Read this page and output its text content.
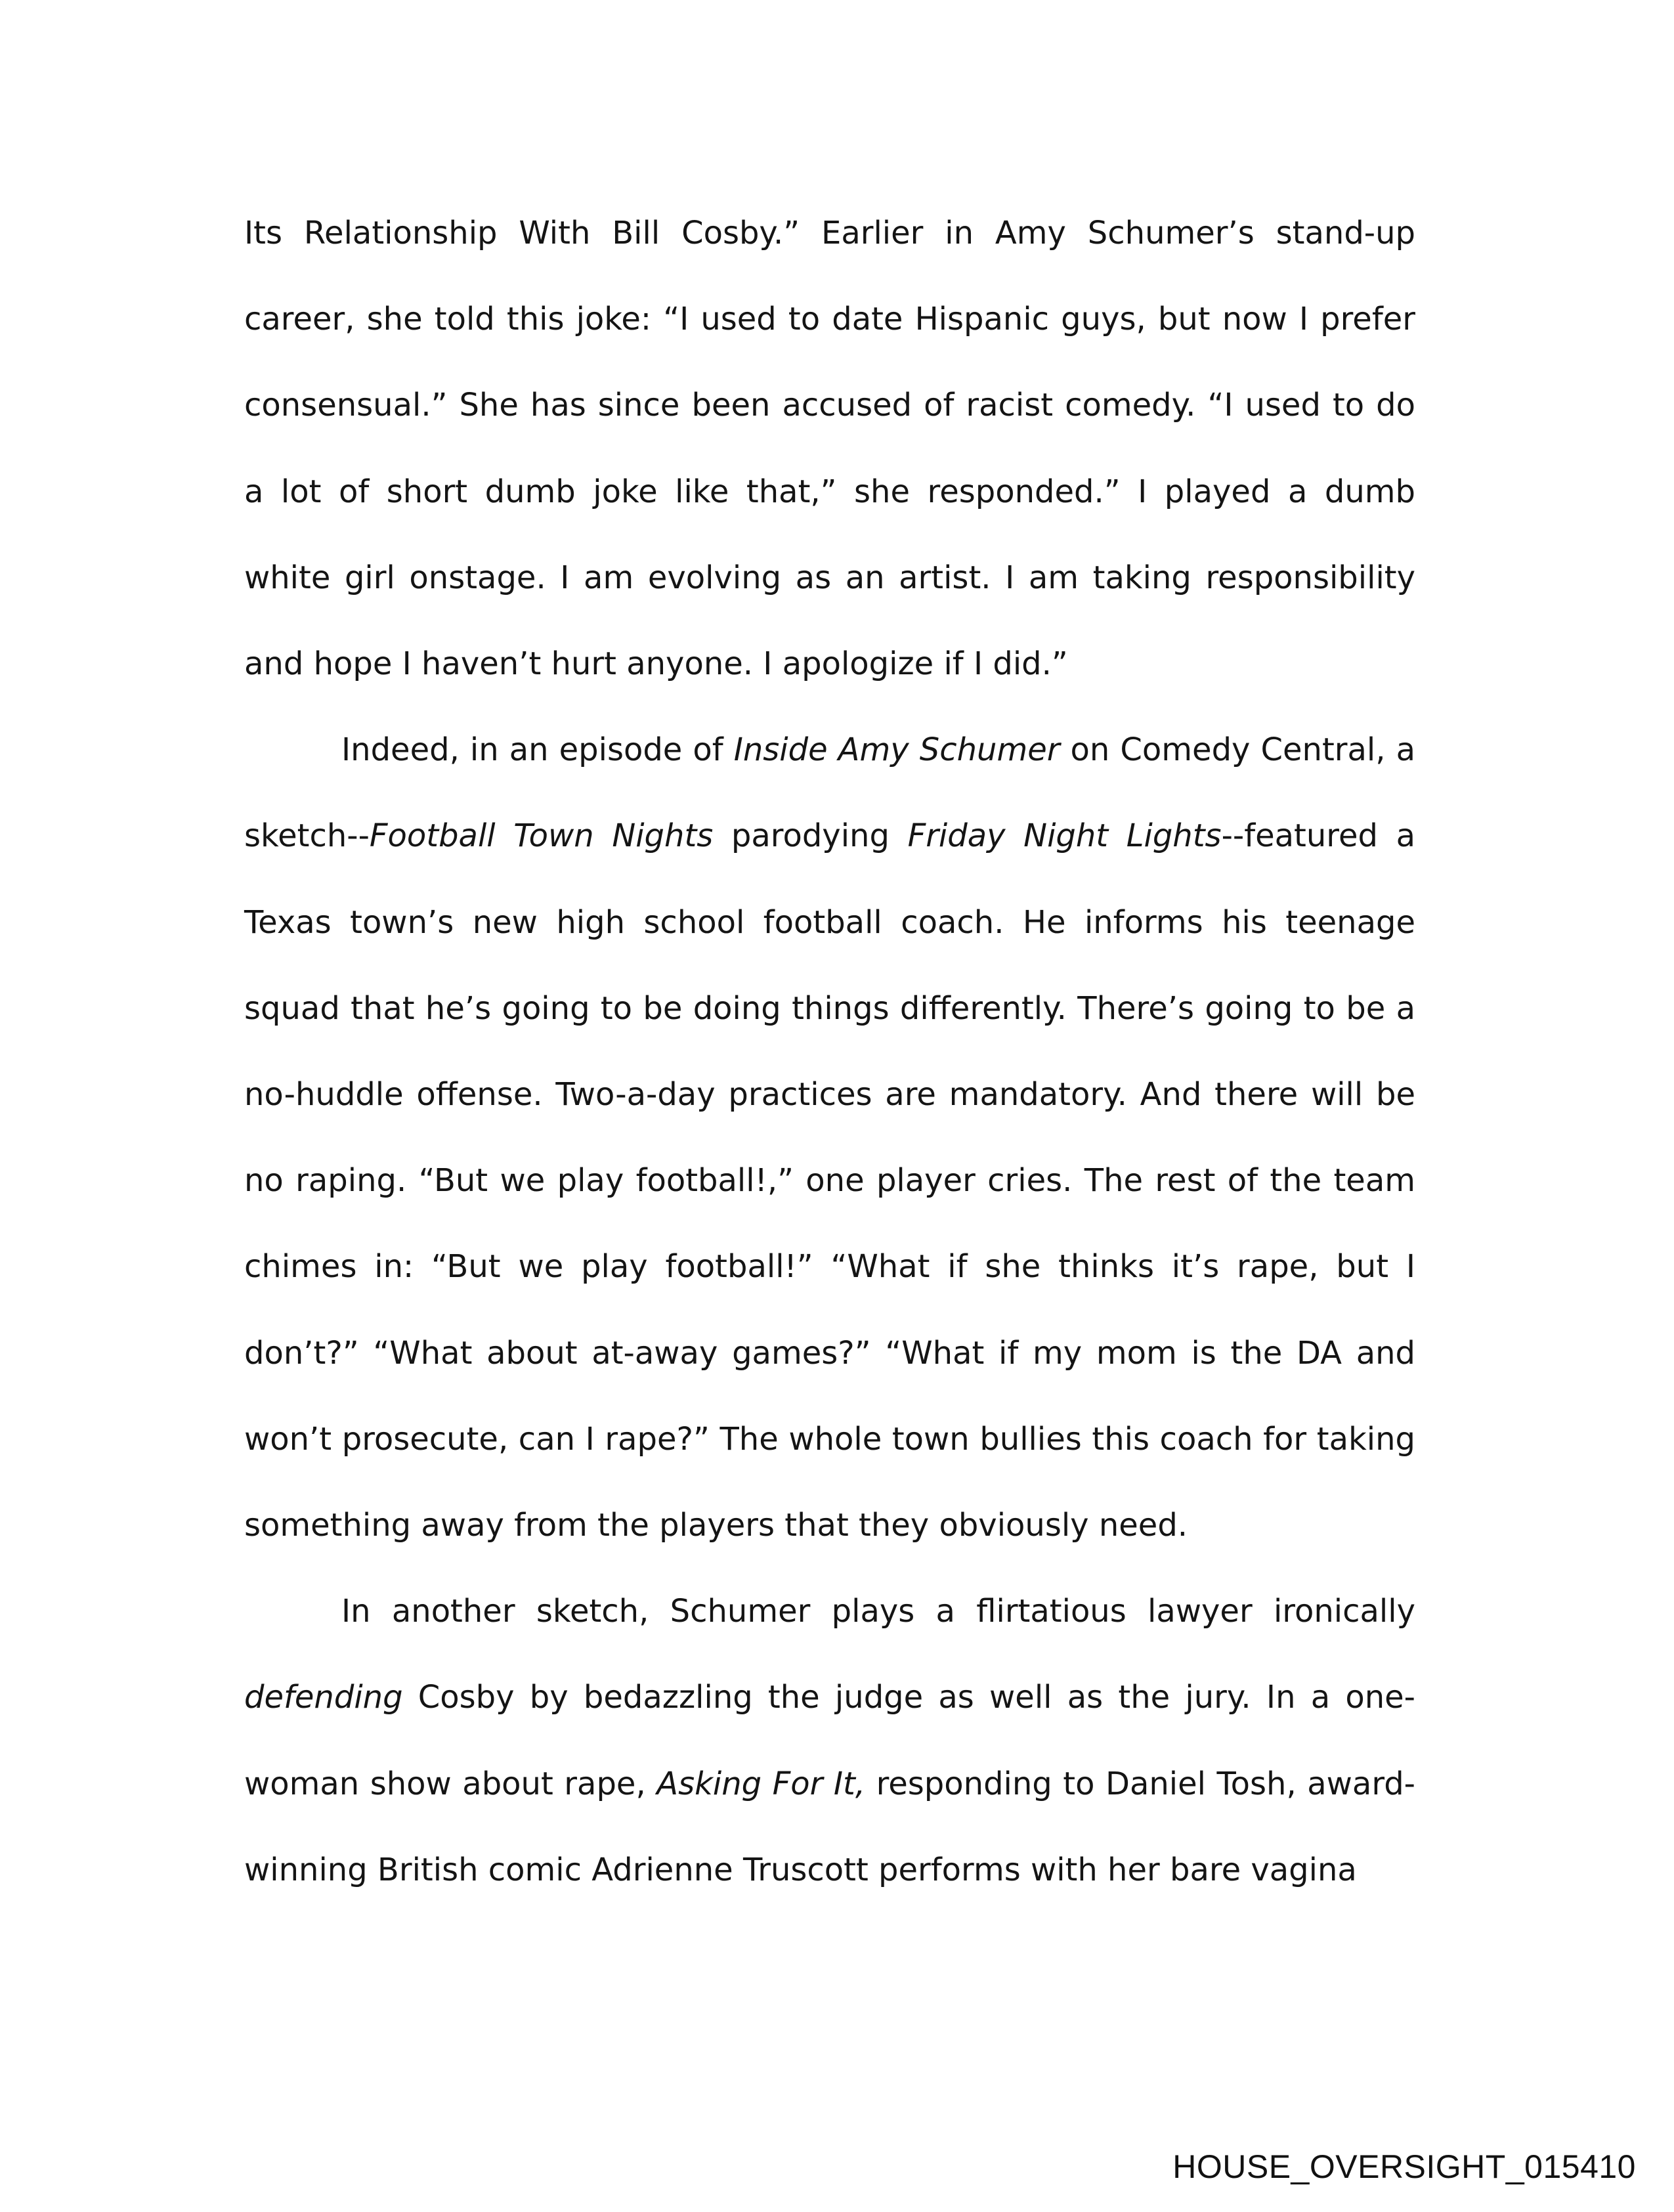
Its Relationship With Bill Cosby.” Earlier in Amy Schumer’s stand-up career, she told this joke: “I used to date Hispanic guys, but now I prefer consensual.” She has since been accused of racist comedy. “I used to do a lot of short dumb joke like that,” she responded.” I played a dumb white girl onstage. I am evolving as an artist. I am taking responsibility and hope I haven’t hurt anyone. I apologize if I did.”

Indeed, in an episode of Inside Amy Schumer on Comedy Central, a sketch--Football Town Nights parodying Friday Night Lights--featured a Texas town’s new high school football coach. He informs his teenage squad that he’s going to be doing things differently. There’s going to be a no-huddle offense. Two-a-day practices are mandatory. And there will be no raping. “But we play football!,” one player cries. The rest of the team chimes in: “But we play football!” “What if she thinks it’s rape, but I don’t?” “What about at-away games?” “What if my mom is the DA and won’t prosecute, can I rape?” The whole town bullies this coach for taking something away from the players that they obviously need.

In another sketch, Schumer plays a flirtatious lawyer ironically defending Cosby by bedazzling the judge as well as the jury. In a one-woman show about rape, Asking For It, responding to Daniel Tosh, award-winning British comic Adrienne Truscott performs with her bare vagina

HOUSE_OVERSIGHT_015410
